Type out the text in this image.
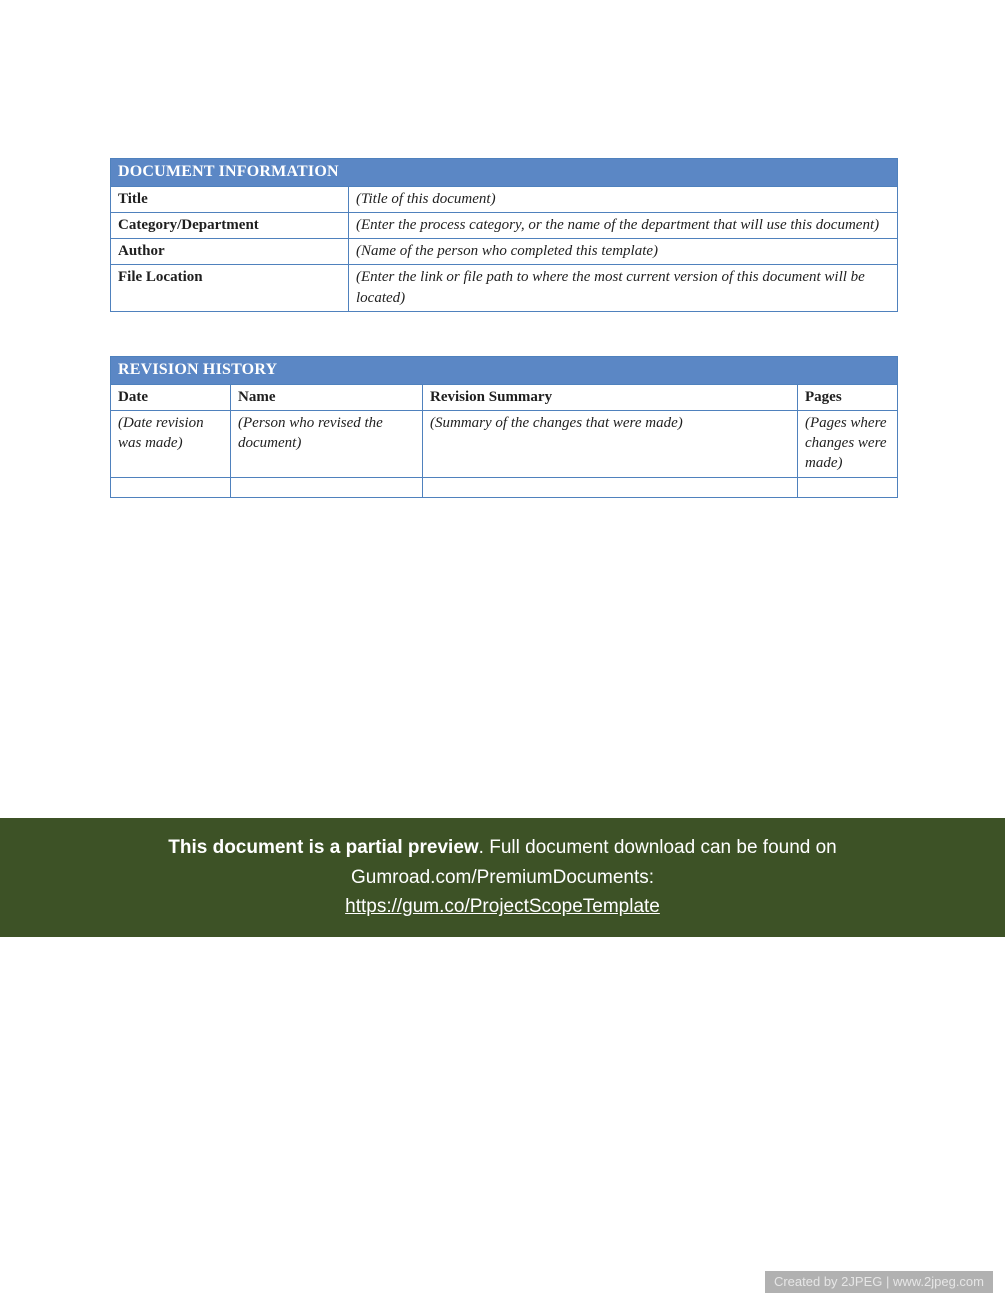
DOCUMENT INFORMATION	
Title	(Title of this document)
Category/Department	(Enter the process category, or the name of the department that will use this document)
Author	(Name of the person who completed this template)
File Location	(Enter the link or file path to where the most current version of this document will be located)
REVISION HISTORY			
Date	Name	Revision Summary	Pages
(Date revision was made)	(Person who revised the document)	(Summary of the changes that were made)	(Pages where changes were made)

This document is a partial preview. Full document download can be found on
Gumroad.com/PremiumDocuments:
https://gum.co/ProjectScopeTemplate
Created by 2JPEG | www.2jpeg.com
